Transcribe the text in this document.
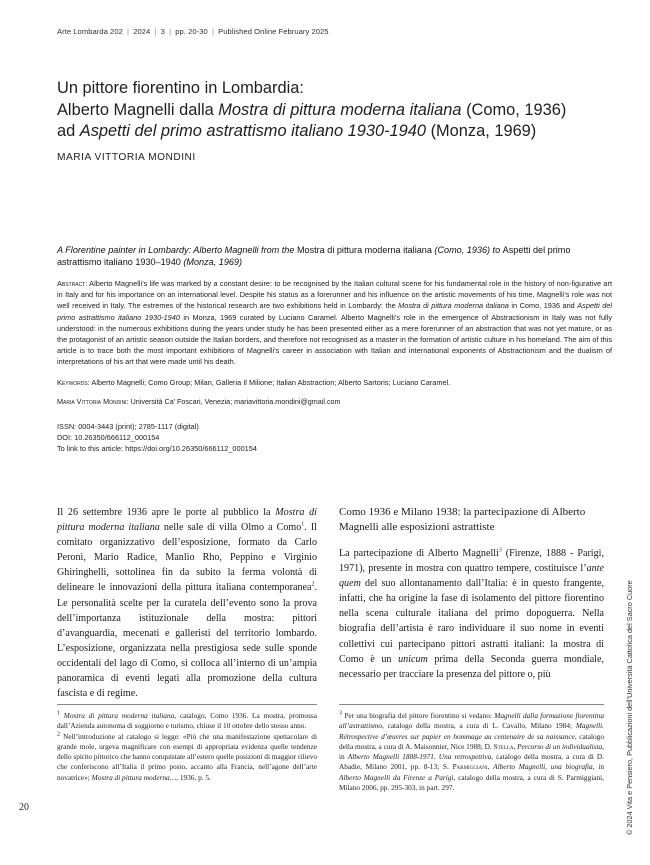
Arte Lombarda 202 | 2024 | 3 | pp. 20-30 | Published Online February 2025
Un pittore fiorentino in Lombardia:
Alberto Magnelli dalla Mostra di pittura moderna italiana (Como, 1936)
ad Aspetti del primo astrattismo italiano 1930-1940 (Monza, 1969)
MARIA VITTORIA MONDINI
A Florentine painter in Lombardy: Alberto Magnelli from the Mostra di pittura moderna italiana (Como, 1936) to Aspetti del primo astrattismo italiano 1930–1940 (Monza, 1969)
Abstract: Alberto Magnelli’s life was marked by a constant desire: to be recognised by the Italian cultural scene for his fundamental role in the history of non-figurative art in Italy and for his importance on an international level. Despite his status as a forerunner and his influence on the artistic movements of his time, Magnelli’s role was not well received in Italy. The extremes of the historical research are two exhibitions held in Lombardy: the Mostra di pittura moderna italiana in Como, 1936 and Aspetti del primo astrattismo italiano 1930-1940 in Monza, 1969 curated by Luciano Caramel. Alberto Magnelli’s role in the emergence of Abstractionism in Italy was not fully understood: in the numerous exhibitions during the years under study he has been presented either as a mere forerunner of an abstraction that was not yet mature, or as the protagonist of an artistic season outside the Italian borders, and therefore not recognised as a master in the formation of artistic culture in his homeland. The aim of this article is to trace both the most important exhibitions of Magnelli’s career in association with Italian and international exponents of Abstractionism and the dualism of interpretations of his art that were made until his death.
Keywords: Alberto Magnelli; Como Group; Milan, Galleria Il Milione; Italian Abstraction; Alberto Sartoris; Luciano Caramel.
Maria Vittoria Mondini: Università Ca’ Foscari, Venezia; mariavittoria.mondini@gmail.com
ISSN: 0004-3443 (print); 2785-1117 (digital)
DOI: 10.26350/666112_000154
To link to this article: https://doi.org/10.26350/666112_000154

Il 26 settembre 1936 apre le porte al pubblico la Mostra di pittura moderna italiana nelle sale di villa Olmo a Como$^1$. Il comitato organizzativo dell’esposizione, formato da Carlo Peroni, Mario Radice, Manlio Rho, Peppino e Virginio Ghiringhelli, sottolinea fin da subito la ferma volontà di delineare le innovazioni della pittura italiana contemporanea$^2$. Le personalità scelte per la curatela dell’evento sono la prova dell’importanza istituzionale della mostra: pittori d’avanguardia, mecenati e galleristi del territorio lombardo. L’esposizione, organizzata nella prestigiosa sede sulle sponde occidentali del lago di Como, si colloca all’interno di un’ampia panoramica di eventi legati alla promozione della cultura fascista e di regime.

Como 1936 e Milano 1938: la partecipazione di Alberto Magnelli alle esposizioni astrattiste

La partecipazione di Alberto Magnelli$^3$ (Firenze, 1888 - Parigi, 1971), presente in mostra con quattro tempere, costituisce l’ante quem del suo allontanamento dall’Italia: è in questo frangente, infatti, che ha origine la fase di isolamento del pittore fiorentino nella scena culturale italiana del primo dopoguerra. Nella biografia dell’artista è raro individuare il suo nome in eventi collettivi cui partecipano pittori astratti italiani: la mostra di Como è un unicum prima della Seconda guerra mondiale, necessario per tracciare la presenza del pittore o, più

$^1$ Mostra di pittura moderna italiana, catalogo, Como 1936. La mostra, promossa dall’Azienda autonoma di soggiorno e turismo, chiuse il 10 ottobre dello stesso anno.

$^2$ Nell’introduzione al catalogo si legge: «Più che una manifestazione spettacolare di grande mole, urgeva magnificare con esempi di appropriata evidenza quelle tendenze dello spirito pittorico che hanno conquistate all’estero quelle posizioni di maggior rilievo che conferiscono all’Italia il primo posto, accanto alla Francia, nell’agone dell’arte novatrice»; Mostra di pittura moderna…, 1936, p. 5.

$^3$ Per una biografia del pittore fiorentino si vedano: Magnelli dalla formazione fiorentina all’astrattismo, catalogo della mostra, a cura di L. Cavallo, Milano 1984; Magnelli. Rétrospective d’œuvres sur papier en hommage au centenaire de sa naissance, catalogo della mostra, a cura di A. Maisonnier, Nice 1988; D. Stella, Percorso di un individualista, in Alberto Magnelli 1888-1971. Una retrospettiva, catalogo della mostra, a cura di D. Abadie, Milano 2001, pp. 8-13; S. Parmiggiani, Alberto Magnelli, una biografia, in Alberto Magnelli da Firenze a Parigi, catalogo della mostra, a cura di S. Parmiggiani, Milano 2006, pp. 295-303, in part. 297.

20	© 2024 Vita e Pensiero, Pubblicazioni dell’Università Cattolica del Sacro Cuore
